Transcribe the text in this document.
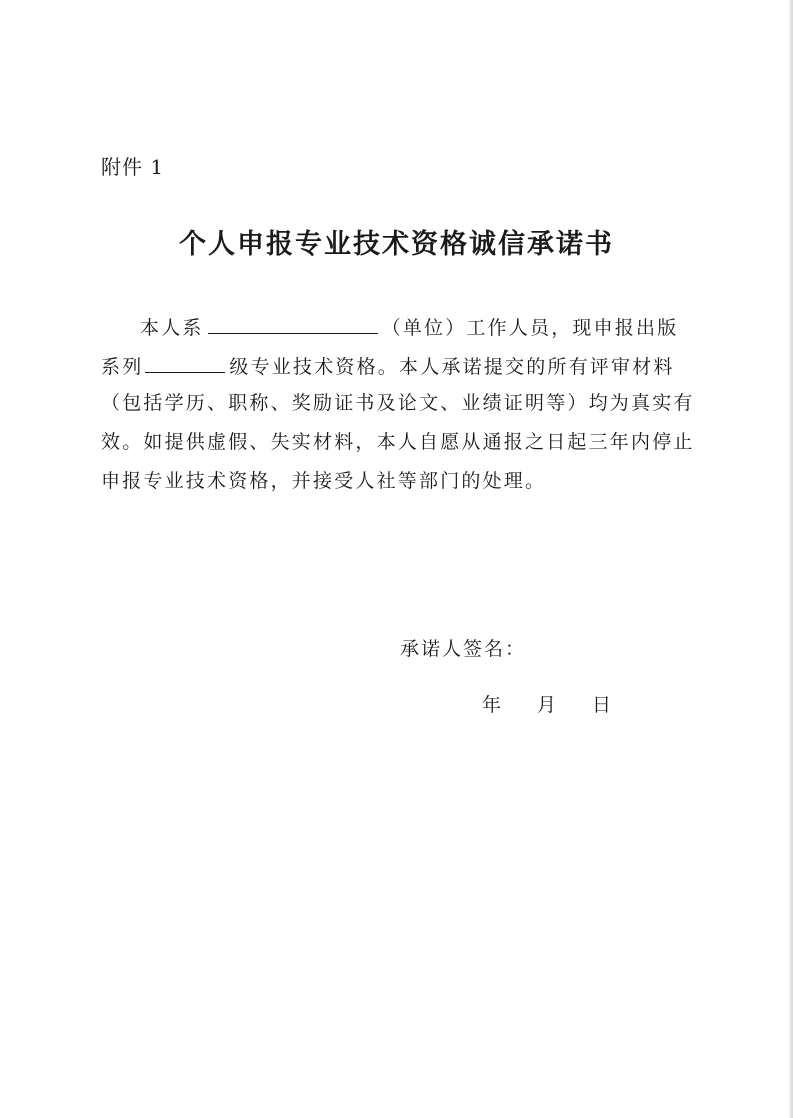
附件 1
个人申报专业技术资格诚信承诺书
本人系	（单位）工作人员，现申报出版
系列	级专业技术资格。本人承诺提交的所有评审材料
（包括学历、职称、奖励证书及论文、业绩证明等）均为真实有
效。如提供虚假、失实材料，本人自愿从通报之日起三年内停止
申报专业技术资格，并接受人社等部门的处理。
承诺人签名：
年 月 日
